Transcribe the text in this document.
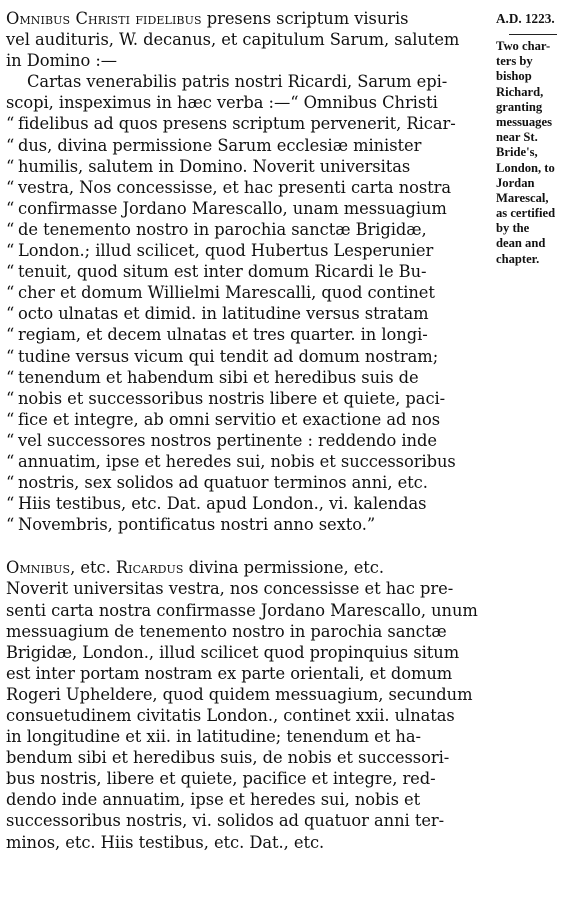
Omnibus Christi fidelibus presens scriptum visuris
vel audituris, W. decanus, et capitulum Sarum, salutem
in Domino :—
Cartas venerabilis patris nostri Ricardi, Sarum epi-
scopi, inspeximus in hæc verba :—“ Omnibus Christi
“ fidelibus ad quos presens scriptum pervenerit, Ricar-
“ dus, divina permissione Sarum ecclesiæ minister
“ humilis, salutem in Domino. Noverit universitas
“ vestra, Nos concessisse, et hac presenti carta nostra
“ confirmasse Jordano Marescallo, unam messuagium
“ de tenemento nostro in parochia sanctæ Brigidæ,
“ London.; illud scilicet, quod Hubertus Lesperunier
“ tenuit, quod situm est inter domum Ricardi le Bu-
“ cher et domum Willielmi Marescalli, quod continet
“ octo ulnatas et dimid. in latitudine versus stratam
“ regiam, et decem ulnatas et tres quarter. in longi-
“ tudine versus vicum qui tendit ad domum nostram;
“ tenendum et habendum sibi et heredibus suis de
“ nobis et successoribus nostris libere et quiete, paci-
“ fice et integre, ab omni servitio et exactione ad nos
“ vel successores nostros pertinente : reddendo inde
“ annuatim, ipse et heredes sui, nobis et successoribus
“ nostris, sex solidos ad quatuor terminos anni, etc.
“ Hiis testibus, etc. Dat. apud London., vi. kalendas
“ Novembris, pontificatus nostri anno sexto.”
Omnibus, etc. Ricardus divina permissione, etc.
Noverit universitas vestra, nos concessisse et hac pre-
senti carta nostra confirmasse Jordano Marescallo, unum
messuagium de tenemento nostro in parochia sanctæ
Brigidæ, London., illud scilicet quod propinquius situm
est inter portam nostram ex parte orientali, et domum
Rogeri Upheldere, quod quidem messuagium, secundum
consuetudinem civitatis London., continet xxii. ulnatas
in longitudine et xii. in latitudine; tenendum et ha-
bendum sibi et heredibus suis, de nobis et successori-
bus nostris, libere et quiete, pacifice et integre, red-
dendo inde annuatim, ipse et heredes sui, nobis et
successoribus nostris, vi. solidos ad quatuor anni ter-
minos, etc. Hiis testibus, etc. Dat., etc.
A.D. 1223.
Two char-
ters by
bishop
Richard,
granting
messuages
near St.
Bride's,
London, to
Jordan
Marescal,
as certified
by the
dean and
chapter.
